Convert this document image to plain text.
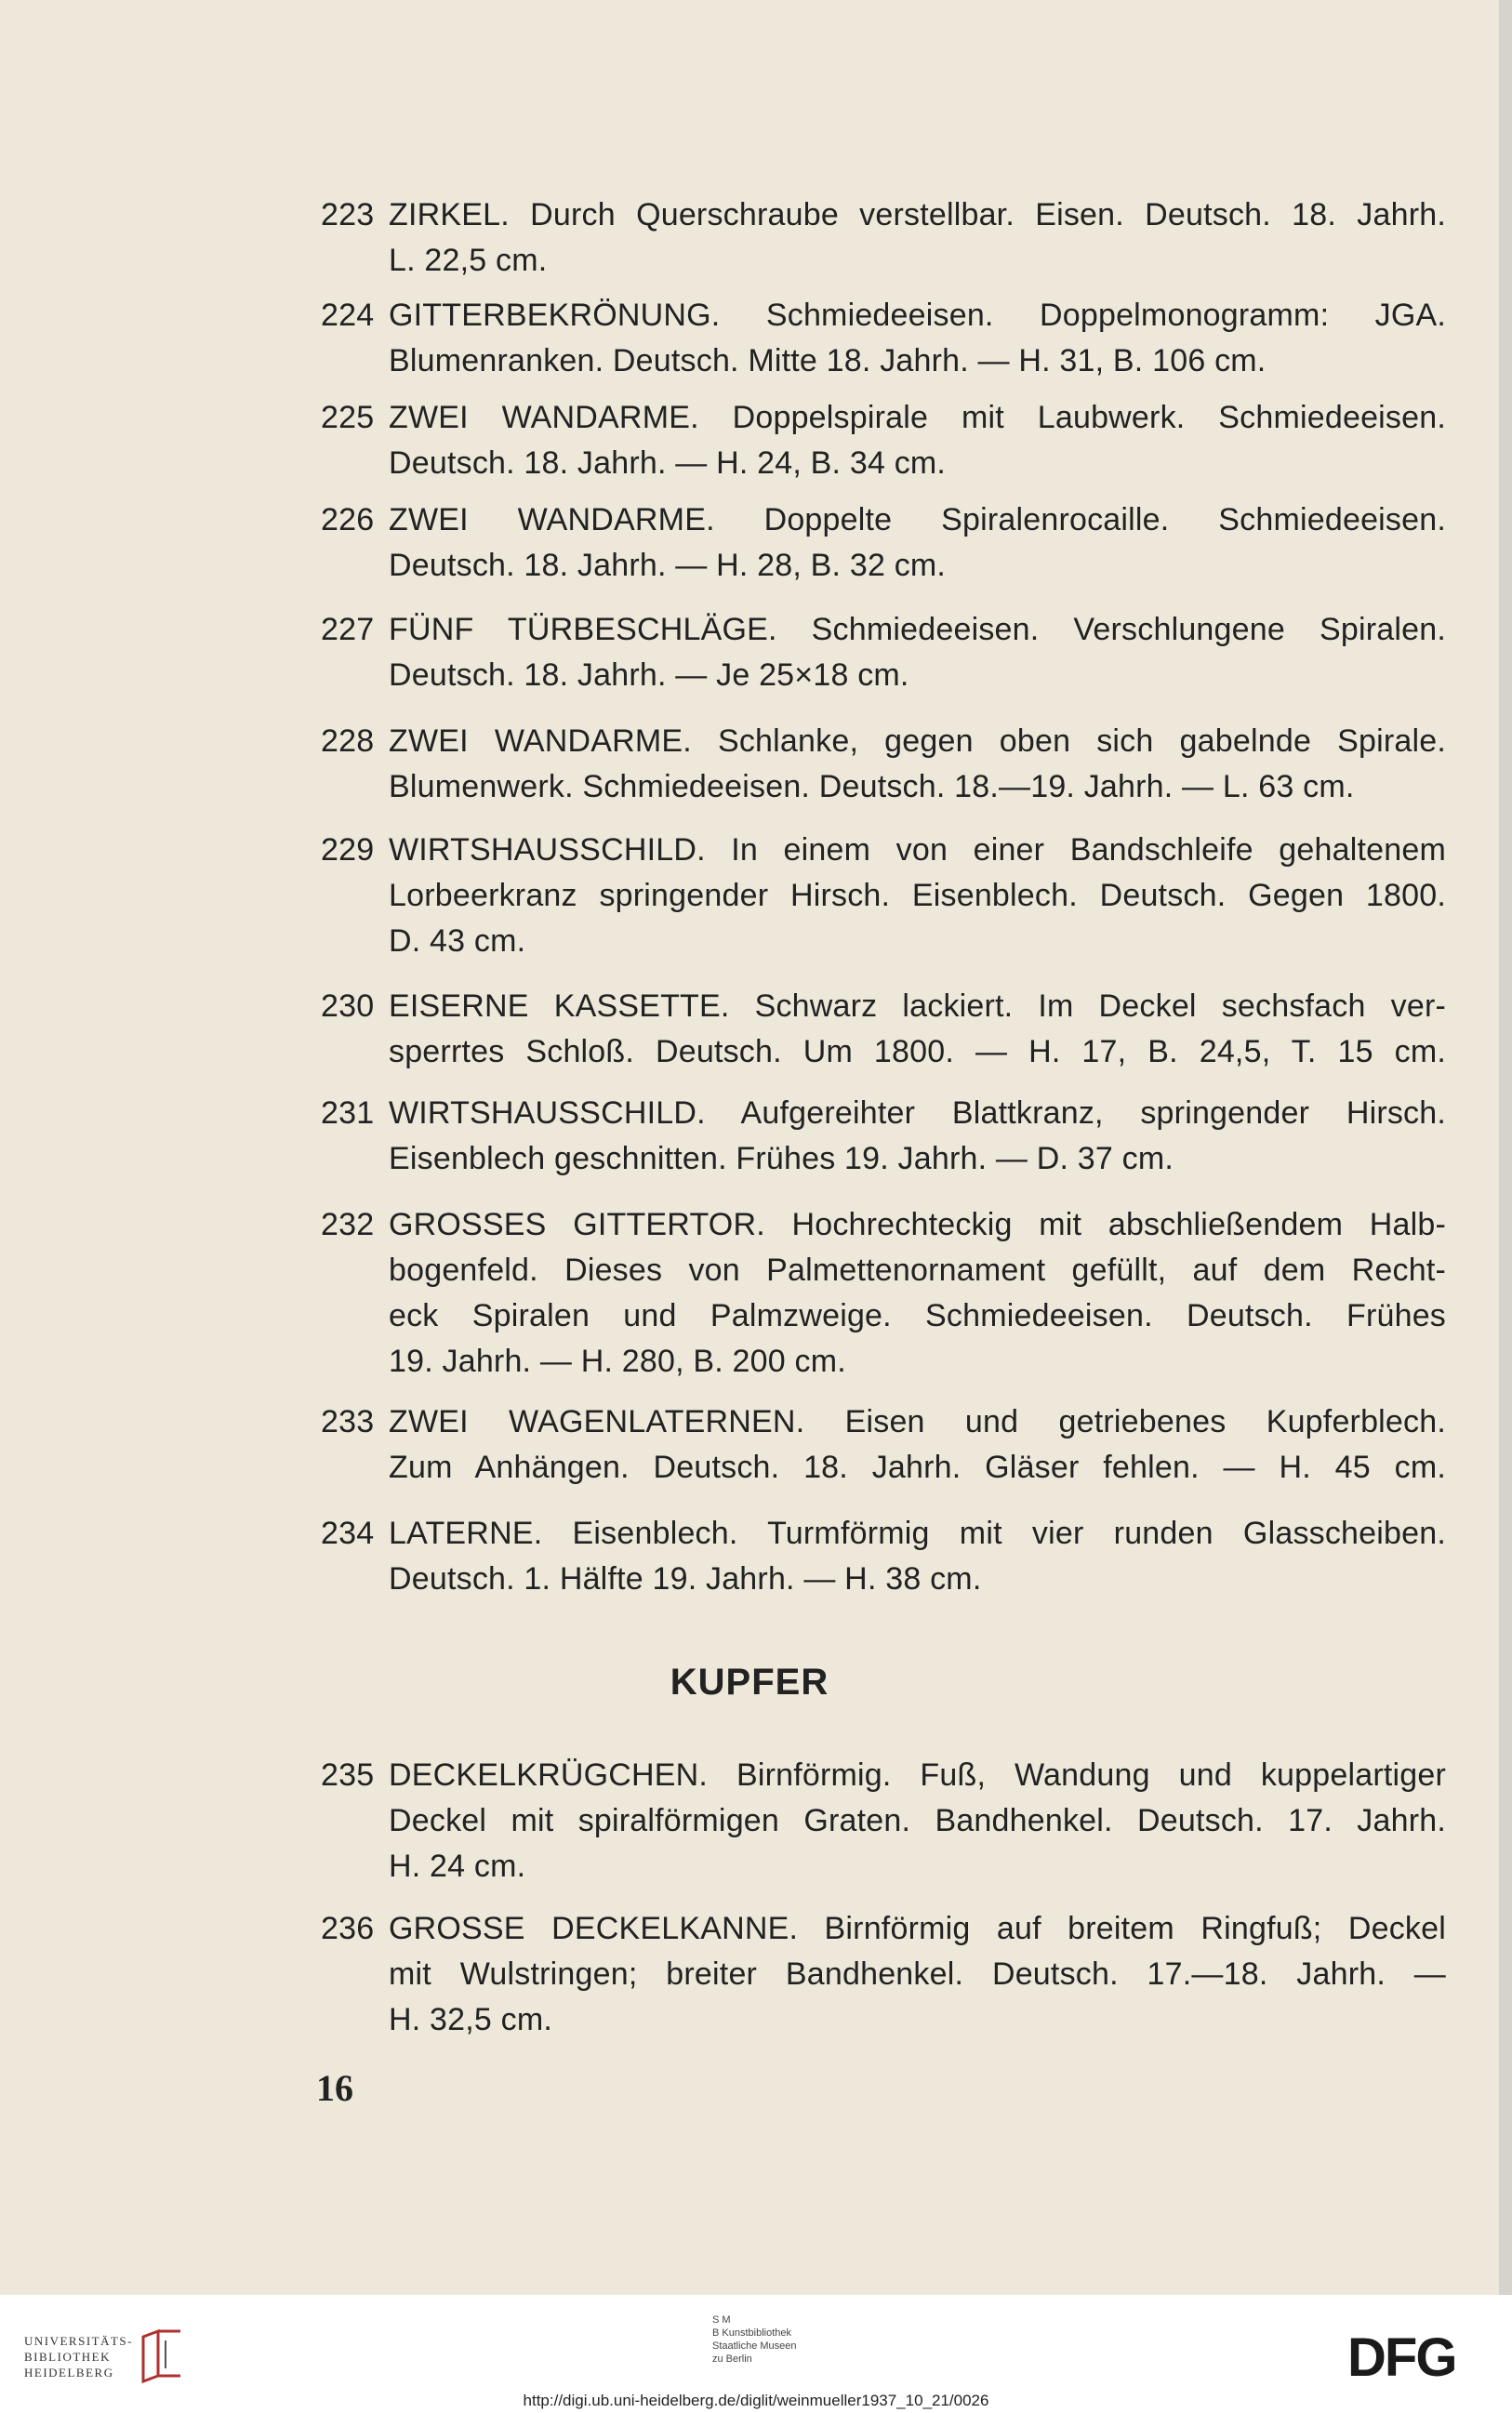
223 ZIRKEL. Durch Querschraube verstellbar. Eisen. Deutsch. 18. Jahrh.
L. 22,5 cm.
224 GITTERBEKRÖNUNG. Schmiedeeisen. Doppelmonogramm: JGA.
Blumenranken. Deutsch. Mitte 18. Jahrh. — H. 31, B. 106 cm.
225 ZWEI WANDARME. Doppelspirale mit Laubwerk. Schmiedeeisen.
Deutsch. 18. Jahrh. — H. 24, B. 34 cm.
226 ZWEI WANDARME. Doppelte Spiralenrocaille. Schmiedeeisen.
Deutsch. 18. Jahrh. — H. 28, B. 32 cm.
227 FÜNF TÜRBESCHLÄGE. Schmiedeeisen. Verschlungene Spiralen.
Deutsch. 18. Jahrh. — Je 25×18 cm.
228 ZWEI WANDARME. Schlanke, gegen oben sich gabelnde Spirale.
Blumenwerk. Schmiedeeisen. Deutsch. 18.—19. Jahrh. — L. 63 cm.
229 WIRTSHAUSSCHILD. In einem von einer Bandschleife gehaltenem
Lorbeerkranz springender Hirsch. Eisenblech. Deutsch. Gegen 1800.
D. 43 cm.
230 EISERNE KASSETTE. Schwarz lackiert. Im Deckel sechsfach ver-
sperrtes Schloß. Deutsch. Um 1800. — H. 17, B. 24,5, T. 15 cm.
231 WIRTSHAUSSCHILD. Aufgereihter Blattkranz, springender Hirsch.
Eisenblech geschnitten. Frühes 19. Jahrh. — D. 37 cm.
232 GROSSES GITTERTOR. Hochrechteckig mit abschließendem Halb-
bogenfeld. Dieses von Palmettenornament gefüllt, auf dem Recht-
eck Spiralen und Palmzweige. Schmiedeeisen. Deutsch. Frühes
19. Jahrh. — H. 280, B. 200 cm.
233 ZWEI WAGENLATERNEN. Eisen und getriebenes Kupferblech.
Zum Anhängen. Deutsch. 18. Jahrh. Gläser fehlen. — H. 45 cm.
234 LATERNE. Eisenblech. Turmförmig mit vier runden Glasscheiben.
Deutsch. 1. Hälfte 19. Jahrh. — H. 38 cm.
KUPFER
235 DECKELKRÜGCHEN. Birnförmig. Fuß, Wandung und kuppelartiger
Deckel mit spiralförmigen Graten. Bandhenkel. Deutsch. 17. Jahrh.
H. 24 cm.
236 GROSSE DECKELKANNE. Birnförmig auf breitem Ringfuß; Deckel
mit Wulstringen; breiter Bandhenkel. Deutsch. 17.—18. Jahrh. —
H. 32,5 cm.
16
UNIVERSITÄTS-
BIBLIOTHEK
HEIDELBERG
S M
B Kunstbibliothek
Staatliche Museen
zu Berlin	DFG
http://digi.ub.uni-heidelberg.de/diglit/weinmueller1937_10_21/0026
